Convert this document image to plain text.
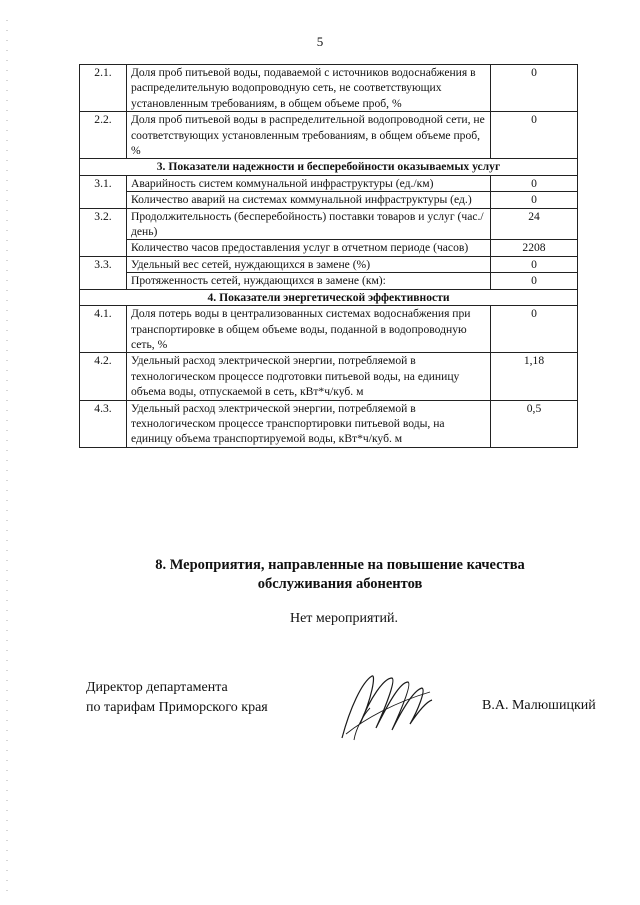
5
2.1.	Доля проб питьевой воды, подаваемой с источников водоснабжения в распределительную водопроводную сеть, не соответствующих установленным требованиям, в общем объеме проб, %	0
2.2.	Доля проб питьевой воды в распределительной водопроводной сети, не соответствующих установленным требованиям, в общем объеме проб, %	0
3. Показатели надежности и бесперебойности оказываемых услуг		
3.1.	Аварийность систем коммунальной инфраструктуры (ед./км)	0
	Количество аварий на системах коммунальной инфраструктуры (ед.)	0
3.2.	Продолжительность (бесперебойность) поставки товаров и услуг (час./день)	24
	Количество часов предоставления услуг в отчетном периоде (часов)	2208
3.3.	Удельный вес сетей, нуждающихся в замене (%)	0
	Протяженность сетей, нуждающихся в замене (км):	0
4. Показатели энергетической эффективности		
4.1.	Доля потерь воды в централизованных системах водоснабжения при транспортировке в общем объеме воды, поданной в водопроводную сеть, %	0
4.2.	Удельный расход электрической энергии, потребляемой в технологическом процессе подготовки питьевой воды, на единицу объема воды, отпускаемой в сеть, кВт*ч/куб. м	1,18
4.3.	Удельный расход электрической энергии, потребляемой в технологическом процессе транспортировки питьевой воды, на единицу объема транспортируемой воды, кВт*ч/куб. м	0,5
8. Мероприятия, направленные на повышение качества
обслуживания абонентов
Нет мероприятий.
Директор департамента
по тарифам Приморского края	В.А. Малюшицкий
